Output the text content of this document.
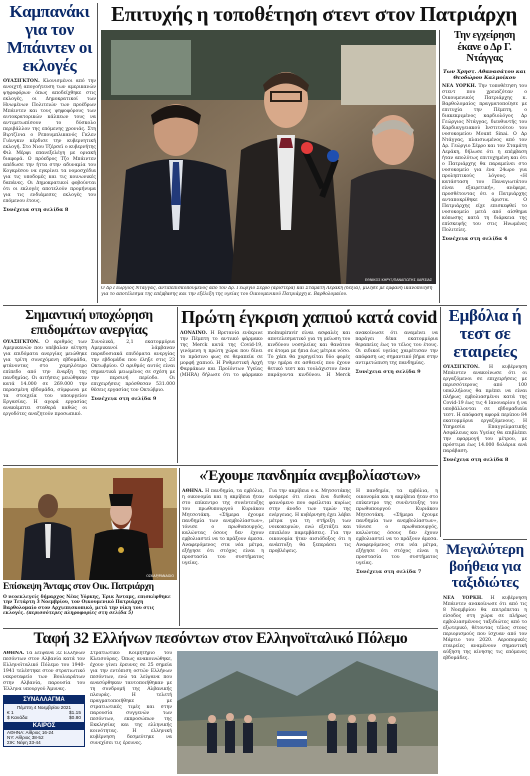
Καμπανάκι για τον Μπάιντεν οι εκλογές
ΟΥΑΣΙΓΚΤΟΝ. Κλονισμένοι από την ανοιχτή απογοήτευση των αμερικανών ψηφοφόρων όπως αποδείχθηκε στις εκλογές, οι Δημοκρατικοί των Ηνωμένων Πολιτειών των προέδρων Μπάιντεν και τους ψηφοφόρους των αυτοκρατορικών κάλπεων τους να αντιμετωπίσουν το δύσκολο περιβάλλον της επόμενης χρονιάς. Στη Βιρτζίνια ο Ρεπουμπλικανός Γκλεν Γιάνγκιν κέρδισε την κυβερνητική εκλογή. Στο Νιου Τζέρσεϊ ο κυβερνήτης Φιλ Μέρφι επανεξελέγη με οριακή διαφορά. Ο πρόεδρος Τζο Μπάιντεν απέδωσε την ήττα στην αδυναμία του Κογκρέσου να εγκρίνει τα νομοσχέδια για τις υποδομές και τις κοινωνικές δαπάνες. Οι Δημοκρατικοί φοβούνται ότι οι εκλογές αποτελούν προμήνυμα για τις ενδιάμεσες εκλογές του επόμενου έτους.
Συνέχεια στη σελίδα 8
Επιτυχής η τοποθέτηση στεντ στον Πατριάρχη
ΕΘΝΙΚΟΣ ΚΗΡΥΞ/ΠΑΝΑΓΙΩΤΗΣ ΧΑΡΙΣΙΑΣ
Ο Δρ Γεώργιος Ντάγγας, αντιπεπισκοπούμενος από τον Δρ. Γεώργιο Σέρρο (αριστερά) και Σταμάτη Λεράκη (δεξιά), μίλησε με εμφανή ικανοποίηση για το αποτέλεσμα της επέμβασης και την εξέλιξη της υγείας του Οικουμενικού Πατριάρχη κ. Βαρθολομαίου.
Την εγχείρηση έκανε ο Δρ Γ. Ντάγγας
Των Χρηστ. Αθανασάτου και Θεοδώρου Καλμοίκου
ΝΕΑ ΥΟΡΚΗ. Την τοποθέτηση του στεντ που χρειαζόταν ο Οικουμενικός Πατριάρχης κ. Βαρθολομαίος πραγματοποίησε με επιτυχία την Πέμπτη, ο διακεκριμένος καρδιολόγος Δρ Γεώργιος Ντάγγας, διευθυντής του Καρδιαγγειακού Ινστιτούτου του νοσοκομείου Mount Sinai. Ο Δρ Ντάγγας, πλαισιωμένος από τον Δρ. Γεώργιο Σέρρο και τον Σταμάτη Λεράκη, δήλωσε ότι η επέμβαση ήταν απολύτως επιτυχημένη και ότι ο Πατριάρχης θα παραμείνει στο νοσοκομείο για ένα 24ωρο για προληπτικούς λόγους. «Η κατάσταση του Παναγιωτάτου είναι εξαιρετική», ανέφερε, προσθέτοντας ότι ο Πατριάρχης ανταποκρίθηκε άριστα. Ο Πατριάρχης είχε επισκεφθεί το νοσοκομείο μετά από αίσθημα κόπωσης κατά τη διάρκεια της επίσκεψής του στις Ηνωμένες Πολιτείες.
Συνέχεια στη σελίδα 4
Σημαντική υποχώρηση επιδομάτων ανεργίας
ΟΥΑΣΙΓΚΤΟΝ. Ο αριθμός των Αμερικανών που υπέβαλαν αίτηση για επιδόματα ανεργίας μειώθηκε για τρίτη συνεχόμενη εβδομάδα, φτάνοντας στο χαμηλότερο επίπεδο από την έναρξη της πανδημίας. Οι αιτήσεις μειώθηκαν κατά 14.000 σε 269.000 την περασμένη εβδομάδα, σύμφωνα με τα στοιχεία του υπουργείου Εργασίας. Η αγορά εργασίας ανακάμπτει σταθερά καθώς οι εργοδότες αναζητούν προσωπικό.
Συνολικά, 2,1 εκατομμύρια Αμερικανοί λάμβαναν παραδοσιακά επιδόματα ανεργίας την εβδομάδα που έληξε στις 23 Οκτωβρίου. Ο αριθμός αυτός είναι σημαντικά μειωμένος σε σχέση με την περσινή περίοδο. Οι επιχειρήσεις πρόσθεσαν 531.000 θέσεις εργασίας τον Οκτώβριο.
Συνέχεια στη σελίδα 9
Πρώτη έγκριση χαπιού κατά covid
ΛΟΝΔΙΝΟ. Η Βρετανία ενέκρινε την Πέμπτη το αντιικό φάρμακο της Merck κατά της Covid-19, γινόμενη η πρώτη χώρα που δίνει το πράσινο φως σε θεραπεία σε μορφή χαπιού. Η Ρυθμιστική Αρχή Φαρμάκων και Προϊόντων Υγείας (MHRA) δήλωσε ότι το φάρμακο molnupiravir είναι ασφαλές και αποτελεσματικό για τη μείωση του κινδύνου νοσηλείας και θανάτου σε άτομα με ήπια έως μέτρια νόσο. Το χάπι θα χορηγείται δύο φορές την ημέρα σε ασθενείς που έχουν θετικό τεστ και τουλάχιστον έναν παράγοντα κινδύνου. Η Merck ανακοίνωσε ότι αναμένει να παράγει δέκα εκατομμύρια θεραπείες έως το τέλος του έτους. Οι ειδικοί υγείας χαιρέτισαν την απόφαση ως σημαντικό βήμα στην αντιμετώπιση της πανδημίας.
Συνέχεια στη σελίδα 9
Εμβόλια ή τεστ σε εταιρείες
ΟΥΑΣΙΓΚΤΟΝ. Η κυβέρνηση Μπάιντεν ανακοίνωσε ότι οι εργαζόμενοι σε επιχειρήσεις με περισσότερους από 100 υπαλλήλους θα πρέπει να είναι πλήρως εμβολιασμένοι κατά της Covid-19 έως τις 4 Ιανουαρίου ή να υποβάλλονται σε εβδομαδιαία τεστ. Η απόφαση αφορά περίπου 84 εκατομμύρια εργαζόμενους. Η Υπηρεσία Επαγγελματικής Ασφάλειας και Υγείας θα επιβλέπει την εφαρμογή του μέτρου, με πρόστιμα έως 14.000 δολάρια ανά παράβαση.
Συνέχεια στη σελίδα 8
ΟΣΚΑΡ/PANAGIO
Επίσκεψη Άνταμς στον Οικ. Πατριάρχη
Ο νεοεκλεγείς δήμαρχος Νέας Υόρκης, Έρικ Άνταμς, επισκέφθηκε την Τετάρτη 3 Νοεμβρίου, τον Οικουμενικό Πατριάρχη Βαρθολομαίο στον Αρχιεπισκοπικό, μετά την νίκη του στις εκλογές. (περισσότερες πληροφορίες στη σελίδα 5)
«Έχουμε πανδημία ανεμβολίαστων»
ΑΘΗΝΑ. Η πανδημία, τα εμβόλια, η οικονομία και η ακρίβεια ήταν στο επίκεντρο της συνέντευξης του πρωθυπουργού Κυριάκου Μητσοτάκη. «Σήμερα έχουμε πανδημία των ανεμβολίαστων», τόνισε ο πρωθυπουργός, καλώντας όσους δεν έχουν εμβολιαστεί να το πράξουν άμεσα. Αναφερόμενος στα νέα μέτρα, εξήγησε ότι στόχος είναι η προστασία του συστήματος υγείας.
Για την ακρίβεια ο κ. Μητσοτάκης ανέφερε ότι είναι ένα διεθνές φαινόμενο που οφείλεται κυρίως στην άνοδο των τιμών της ενέργειας. Η κυβέρνηση έχει λάβει μέτρα για τη στήριξη των νοικοκυριών, ενώ εξετάζει και επιπλέον παρεμβάσεις. Για την οικονομία ήταν αισιόδοξος ότι η ανάπτυξη θα ξεπεράσει τις προβλέψεις.
Η πανδημία, τα εμβόλια, η οικονομία και η ακρίβεια ήταν στο επίκεντρο της συνέντευξης του πρωθυπουργού Κυριάκου Μητσοτάκη. «Σήμερα έχουμε πανδημία των ανεμβολίαστων», τόνισε ο πρωθυπουργός, καλώντας όσους δεν έχουν εμβολιαστεί να το πράξουν άμεσα. Αναφερόμενος στα νέα μέτρα, εξήγησε ότι στόχος είναι η προστασία του συστήματος υγείας.
Συνέχεια στη σελίδα 7
Μεγαλύτερη βοήθεια για ταξιδιώτες
ΝΕΑ ΥΟΡΚΗ. Η κυβέρνηση Μπάιντεν ανακοίνωσε ότι από τις 8 Νοεμβρίου θα επιτρέπεται η είσοδος στη χώρα σε πλήρως εμβολιασμένους ταξιδιώτες από το εξωτερικό, θέτοντας τέλος στους περιορισμούς που ίσχυαν από τον Μάρτιο του 2020. Αεροπορικές εταιρείες αναμένουν σημαντική αύξηση της κίνησης τις επόμενες εβδομάδες.
Ταφή 32 Ελλήνων πεσόντων στον Ελληνοϊταλικό Πόλεμο
ΑΘΗΝΑ. Τα λείψανα 32 Ελλήνων πεσόντων στον Αλβανία κατά τον Ελληνοϊταλικό Πόλεμο του 1940-1941 τελέστηκε στον στρατιωτικό νεκροταφείο των Βουλιαράτων στην Αλβανία, παρουσία του Έλληνα υπουργού Άμυνας.
ΣΥΝΑΛΛΑΓΜΑ
Πέμπτη 4 Νοεμβρίου 2021
€ 1	$1.15
$ Κανάδα	$0.80
ΚΑΙΡΟΣ
ΑΘΗΝΑ: Αίθριος 16-24
ΝΥ: Αίθριος 38-52
ΣΙΚ: Νέφη 33-44
Στρατιωτικό Κοιμητήριο του Κλεισούρας. Όπως ανακοινώθηκε, έχουν γίνει έρευνες σε 25 σημεία για την εντόπιση οστών Ελλήνων πεσόντων, ενώ τα λείψανα που ανασύρθηκαν ταυτοποιήθηκαν με τη συνδρομή της Αλβανικής πλευράς.	Η τελετή πραγματοποιήθηκε με στρατιωτικές τιμές και στην παρουσία συγγενών των πεσόντων, εκπροσώπων της Εκκλησίας και της ελληνικής κοινότητας. Η ελληνική κυβέρνηση δεσμεύτηκε να συνεχίσει τις έρευνες.
